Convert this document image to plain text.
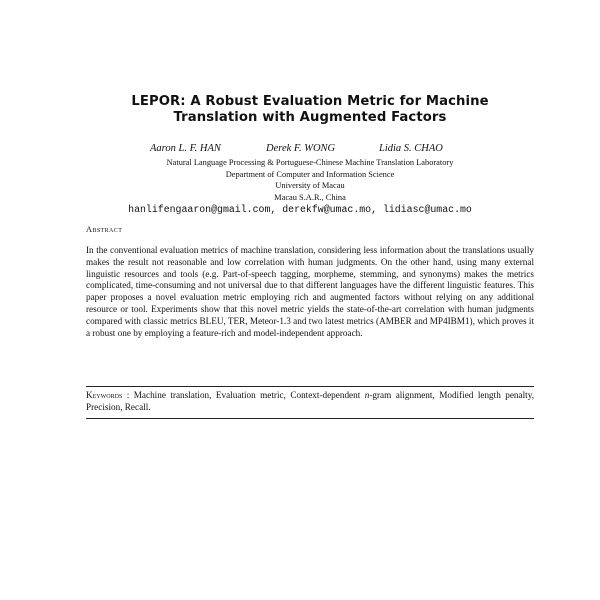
LEPOR: A Robust Evaluation Metric for Machine
Translation with Augmented Factors
Aaron L. F. HAN	Derek F. WONG	Lidia S. CHAO
Natural Language Processing & Portuguese-Chinese Machine Translation Laboratory
Department of Computer and Information Science
University of Macau
Macau S.A.R., China
hanlifengaaron@gmail.com, derekfw@umac.mo, lidiasc@umac.mo
Abstract

In the conventional evaluation metrics of machine translation, considering less information about the translations usually makes the result not reasonable and low correlation with human judgments. On the other hand, using many external linguistic resources and tools (e.g. Part-of-speech tagging, morpheme, stemming, and synonyms) makes the metrics complicated, time-consuming and not universal due to that different languages have the different linguistic features. This paper proposes a novel evaluation metric employing rich and augmented factors without relying on any additional resource or tool. Experiments show that this novel metric yields the state-of-the-art correlation with human judgments compared with classic metrics BLEU, TER, Meteor-1.3 and two latest metrics (AMBER and MP4IBM1), which proves it a robust one by employing a feature-rich and model-independent approach.

Keywords : Machine translation, Evaluation metric, Context-dependent n-gram alignment, Modified length penalty, Precision, Recall.
